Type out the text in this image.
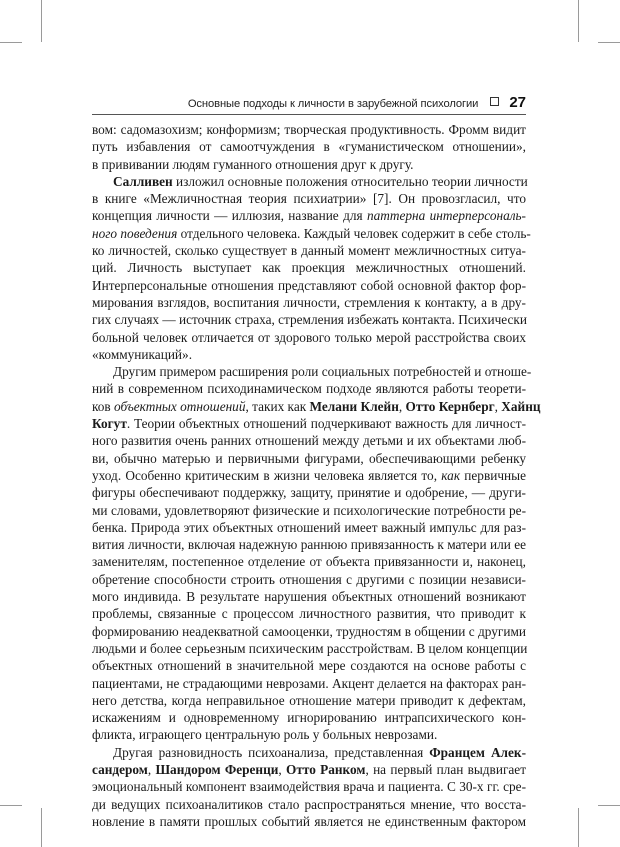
Основные подходы к личности в зарубежной психологии 27
вом: садомазохизм; конформизм; творческая продуктивность. Фромм видит
путь избавления от самоотчуждения в «гуманистическом отношении»,
в прививании людям гуманного отношения друг к другу.
Салливен изложил основные положения относительно теории личности
в книге «Межличностная теория психиатрии» [7]. Он провозгласил, что
концепция личности — иллюзия, название для паттерна интерперсональ-
ного поведения отдельного человека. Каждый человек содержит в себе столь-
ко личностей, сколько существует в данный момент межличностных ситуа-
ций. Личность выступает как проекция межличностных отношений.
Интерперсональные отношения представляют собой основной фактор фор-
мирования взглядов, воспитания личности, стремления к контакту, а в дру-
гих случаях — источник страха, стремления избежать контакта. Психически
больной человек отличается от здорового только мерой расстройства своих
«коммуникаций».
Другим примером расширения роли социальных потребностей и отноше-
ний в современном психодинамическом подходе являются работы теорети-
ков объектных отношений, таких как Мелани Клейн, Отто Кернберг, Хайнц
Когут. Теории объектных отношений подчеркивают важность для личност-
ного развития очень ранних отношений между детьми и их объектами люб-
ви, обычно матерью и первичными фигурами, обеспечивающими ребенку
уход. Особенно критическим в жизни человека является то, как первичные
фигуры обеспечивают поддержку, защиту, принятие и одобрение, — други-
ми словами, удовлетворяют физические и психологические потребности ре-
бенка. Природа этих объектных отношений имеет важный импульс для раз-
вития личности, включая надежную раннюю привязанность к матери или ее
заменителям, постепенное отделение от объекта привязанности и, наконец,
обретение способности строить отношения с другими с позиции независи-
мого индивида. В результате нарушения объектных отношений возникают
проблемы, связанные с процессом личностного развития, что приводит к
формированию неадекватной самооценки, трудностям в общении с другими
людьми и более серьезным психическим расстройствам. В целом концепции
объектных отношений в значительной мере создаются на основе работы с
пациентами, не страдающими неврозами. Акцент делается на факторах ран-
него детства, когда неправильное отношение матери приводит к дефектам,
искажениям и одновременному игнорированию интрапсихического кон-
фликта, играющего центральную роль у больных неврозами.
Другая разновидность психоанализа, представленная Францем Алек-
сандером, Шандором Ференци, Отто Ранком, на первый план выдвигает
эмоциональный компонент взаимодействия врача и пациента. С 30-х гг. сре-
ди ведущих психоаналитиков стало распространяться мнение, что восста-
новление в памяти прошлых событий является не единственным фактором
